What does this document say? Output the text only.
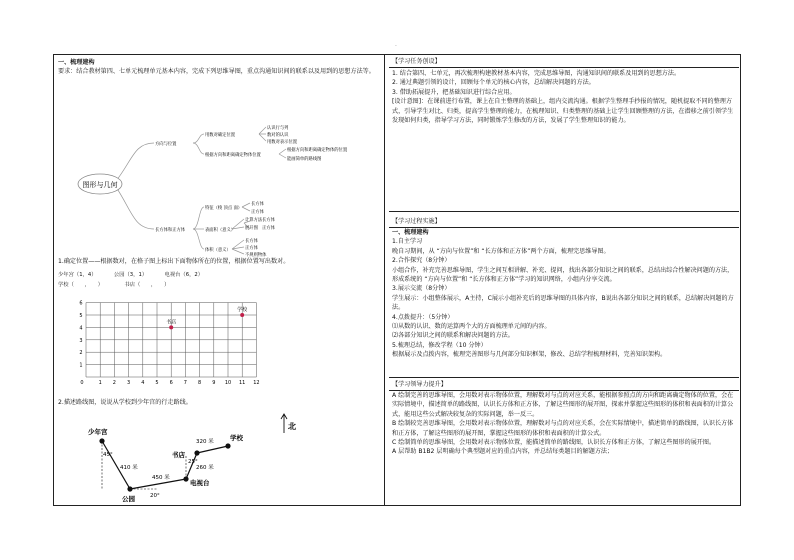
·
一、梳理建构
要求：结合教材第四、七单元梳理单元基本内容，完成下列思维导图，重点沟通知识间的联系以及用到的思想方法等。
图形与几何
方向与位置
用数对确定位置
认识行与列
数对的认识
用数对表示位置
根据方向和距离确定物体位置
根据方向和距离确定物体的位置
能画简单的路线图
长方体和正方体
特征（棱 顶点 面）
长方体
正方体
表面积（意义）
计算方法
展开图
长方体
正方体
体积（意义）
长方体
正方体
不规则物体
1.确定位置——根据数对，在格子图上标出下面物体所在的位置，根据位置写出数对。
少年宫（1，4）	公园（3，1）	电视台（6，2）
学校（　　，　　）	书店（　　，　　）
1 2 3 4 5 6 7 8 9 10 11 12
1
2
3
4
5
6
0
书店
学校
2.描述路线图，说说从学校到少年宫的行走路线。
少年宫
公园
电视台
书店
学校
北
410 米
450 米
260 米
320 米
45°
20°
25°
【学习任务创设】
1. 结合第四、七单元，再次梳理构建教材基本内容，完成思维导图，沟通知识间的联系及用到的思想方法。
2. 通过典题引领的设计，回顾每个单元的核心内容，总结解决问题的方法。
3. 借助拓展提升，把基础知识进行综合应用。
[设计意图]：在课前进行布置，课上在自主整理的基础上，组内交流沟通。根据学生整理手抄报的情况，随机提取不同的整理方式，引导学生对比、归类，提高学生整理的能力，在梳理知识、归类整理的基础上让学生回顾整理的方法，在潜移之前引领学生发现如何归类，指导学习方法，同时锻炼学生修改的方法，发展了学生整理知识的能力。
【学习过程实施】
一、梳理建构
1.自主学习
晚自习期间，从 “方向与位置”和 “长方体和正方体”两个方面，梳理完思维导图。
2.合作探究（8分钟）
小组合作，补充完善思维导图，学生之间互相讲解、补充、提问，找出各部分知识之间的联系，总结出综合性解决问题的方法，形成系统的 “方向与位置”和 “长方体和正方体”学习的知识网络，小组内分享交流。
3.展示交流（8分钟）
学生展示：小组整体展示，A主持，C展示小组补充后的思维导图的具体内容，B说出各部分知识之间的联系，总结解决问题的方法。
4.点拨提升：（5分钟）
⑴从数的认识、数的运算两个大的方面梳理单元间的内容。
⑵各部分知识之间的联系和解决问题的方法。
5.梳理总结，修改学程（10 分钟）
根据展示及点拨内容，梳理完善图形与几何部分知识框架，修改、总结学程梳理材料，完善知识架构。
【学习领导力提升】
A 绘制完善的思维导图，会用数对表示物体位置，理解数对与点的对应关系，能根据参照点的方向和距离确定物体的位置，会在实际情境中，描述简单的路线图，认识长方体和正方体，了解这些图形的展开图，探索并掌握这些图形的体积和表面积的计算公式，能用这些公式解决较复杂的实际问题，举一反三。
B 绘制较完善思维导图，会用数对表示物体位置，理解数对与点的对应关系，会在实际情境中，描述简单的路线图，认识长方体和正方体，了解这些图形的展开图，掌握这些图形的体积和表面积的计算公式。
C 绘制简单的思维导图，会用数对表示物体位置，能描述简单的路线图，认识长方体和正方体，了解这些图形的展开图。
A 层帮助 B1B2 层明确每个典型题对应的重点内容，并总结每类题目的解题方法；
